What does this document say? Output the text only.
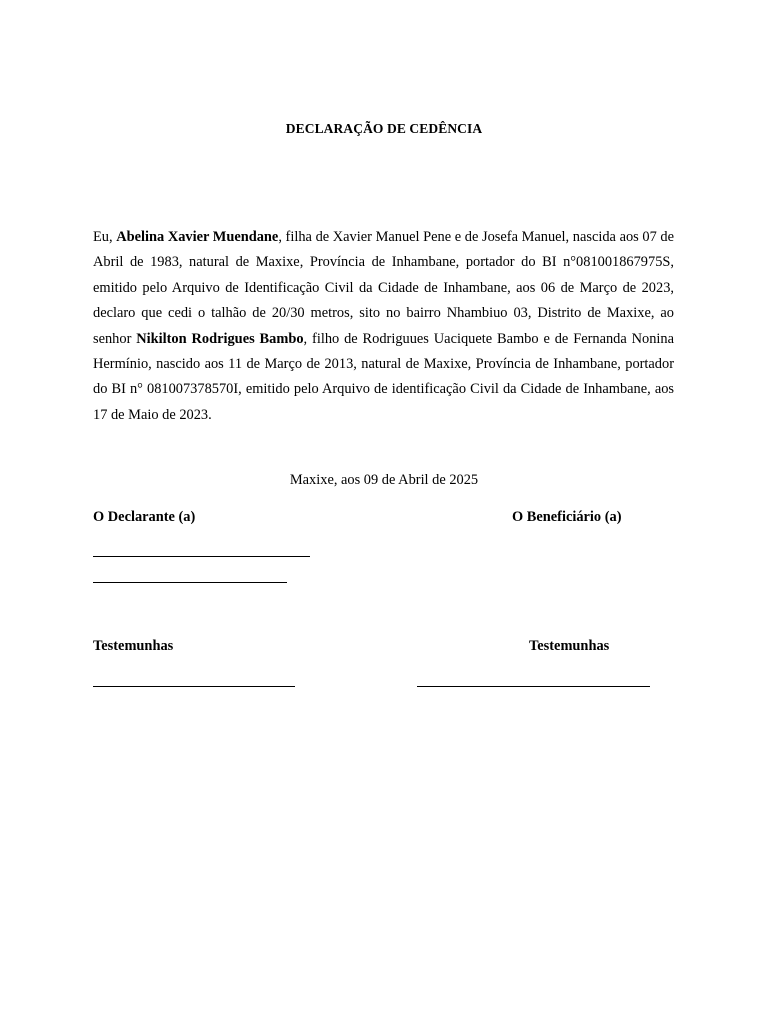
DECLARAÇÃO DE CEDÊNCIA

Eu, Abelina Xavier Muendane, filha de Xavier Manuel Pene e de Josefa Manuel, nascida aos 07 de Abril de 1983, natural de Maxixe, Província de Inhambane, portador do BI n°081001867975S, emitido pelo Arquivo de Identificação Civil da Cidade de Inhambane, aos 06 de Março de 2023, declaro que cedi o talhão de 20/30 metros, sito no bairro Nhambiuo 03, Distrito de Maxixe, ao senhor Nikilton Rodrigues Bambo, filho de Rodriguues Uaciquete Bambo e de Fernanda Nonina Hermínio, nascido aos 11 de Março de 2013, natural de Maxixe, Província de Inhambane, portador do BI n° 081007378570I, emitido pelo Arquivo de identificação Civil da Cidade de Inhambane, aos 17 de Maio de 2023.

Maxixe, aos 09 de Abril de 2025
O Declarante (a)	O Beneficiário (a)
Testemunhas	Testemunhas
